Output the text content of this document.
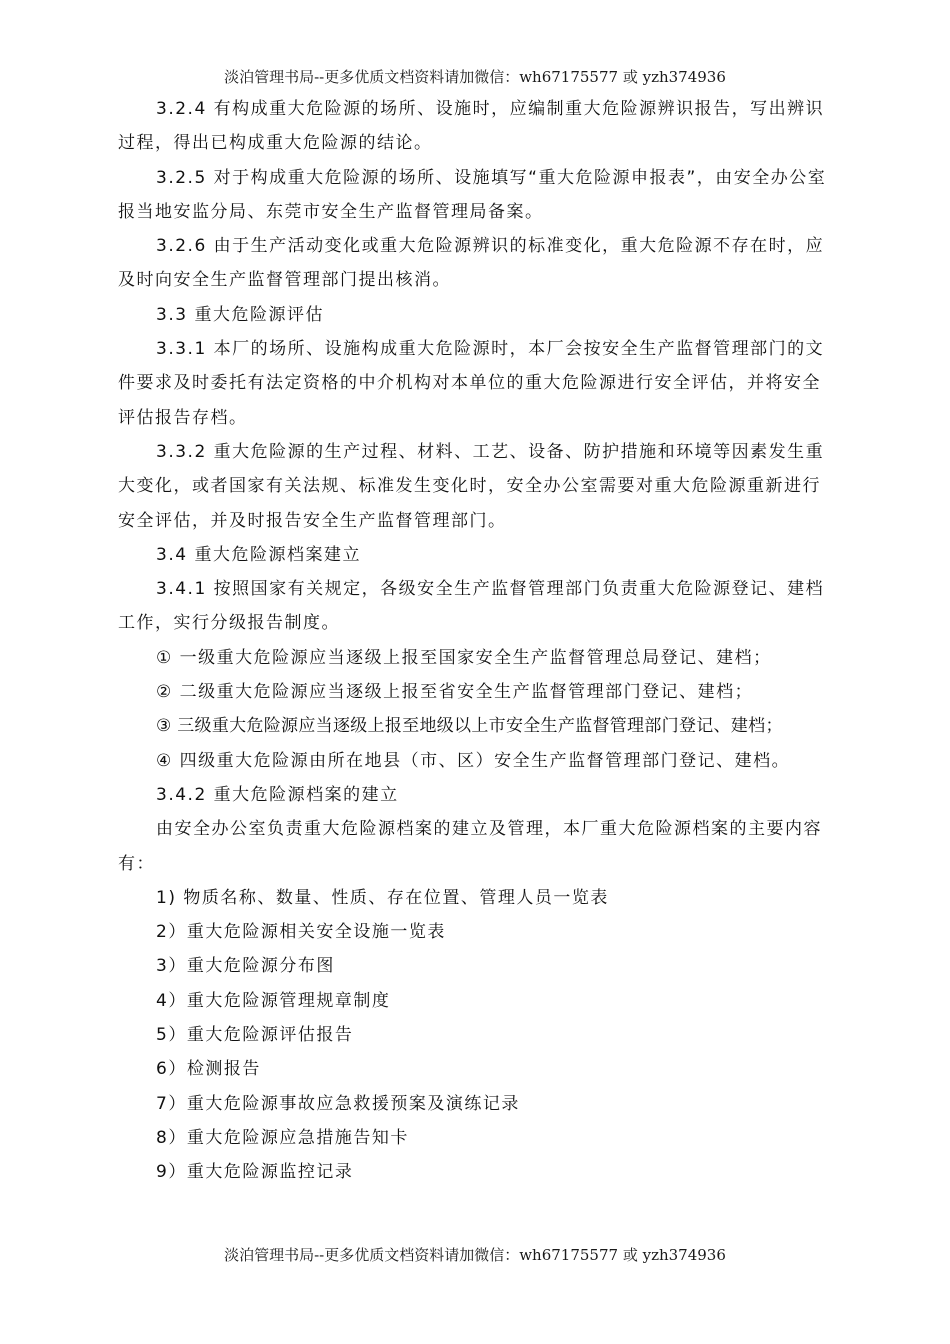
淡泊管理书局--更多优质文档资料请加微信：wh67175577 或 yzh374936

3.2.4 有构成重大危险源的场所、设施时，应编制重大危险源辨识报告，写出辨识过程，得出已构成重大危险源的结论。

3.2.5 对于构成重大危险源的场所、设施填写“重大危险源申报表”，由安全办公室报当地安监分局、东莞市安全生产监督管理局备案。

3.2.6 由于生产活动变化或重大危险源辨识的标准变化，重大危险源不存在时，应及时向安全生产监督管理部门提出核消。

3.3 重大危险源评估

3.3.1 本厂的场所、设施构成重大危险源时，本厂会按安全生产监督管理部门的文件要求及时委托有法定资格的中介机构对本单位的重大危险源进行安全评估，并将安全评估报告存档。

3.3.2 重大危险源的生产过程、材料、工艺、设备、防护措施和环境等因素发生重大变化，或者国家有关法规、标准发生变化时，安全办公室需要对重大危险源重新进行安全评估，并及时报告安全生产监督管理部门。

3.4 重大危险源档案建立

3.4.1 按照国家有关规定，各级安全生产监督管理部门负责重大危险源登记、建档工作，实行分级报告制度。

① 一级重大危险源应当逐级上报至国家安全生产监督管理总局登记、建档；

② 二级重大危险源应当逐级上报至省安全生产监督管理部门登记、建档；

③ 三级重大危险源应当逐级上报至地级以上市安全生产监督管理部门登记、建档；

④ 四级重大危险源由所在地县（市、区）安全生产监督管理部门登记、建档。

3.4.2 重大危险源档案的建立

由安全办公室负责重大危险源档案的建立及管理，本厂重大危险源档案的主要内容有：

1) 物质名称、数量、性质、存在位置、管理人员一览表

2）重大危险源相关安全设施一览表

3）重大危险源分布图

4）重大危险源管理规章制度

5）重大危险源评估报告

6）检测报告

7）重大危险源事故应急救援预案及演练记录

8）重大危险源应急措施告知卡

9）重大危险源监控记录

淡泊管理书局--更多优质文档资料请加微信：wh67175577 或 yzh374936
